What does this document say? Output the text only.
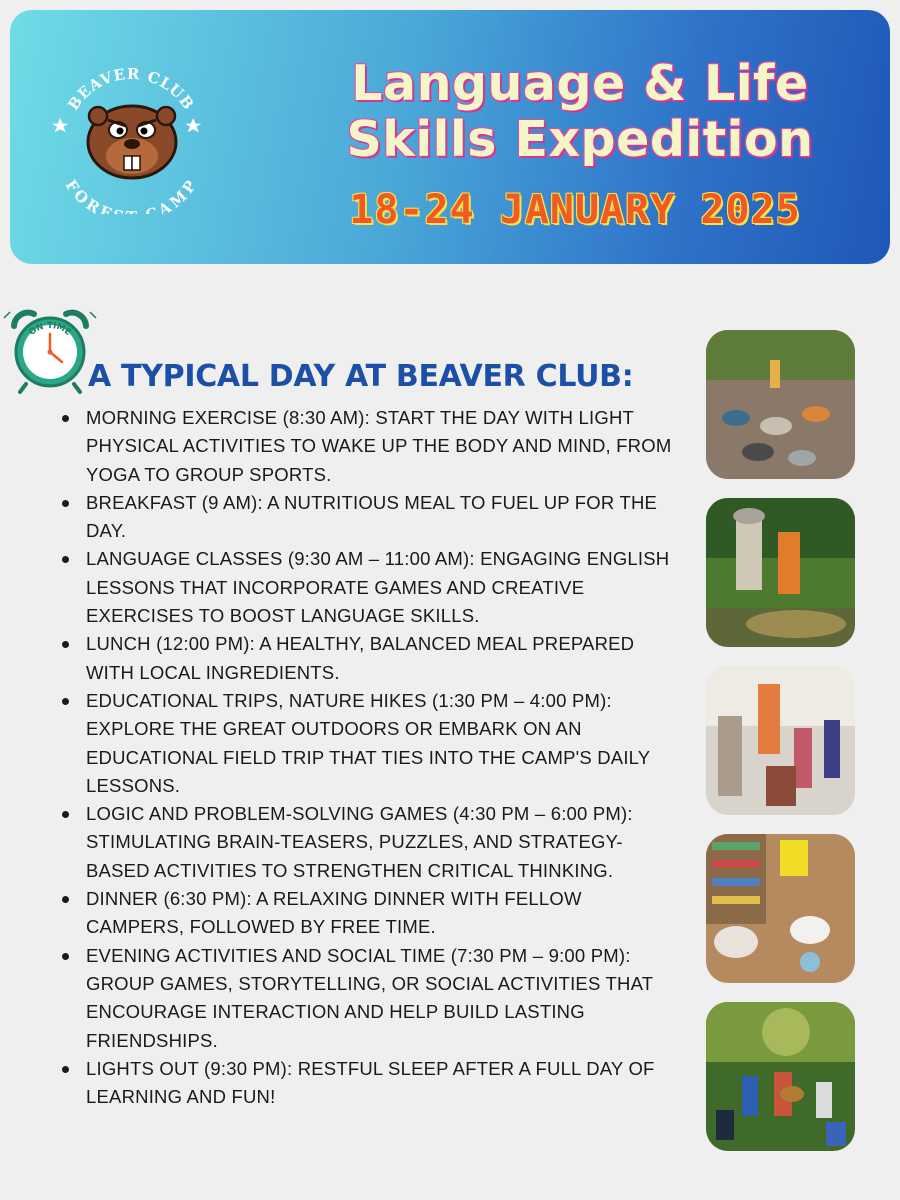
BEAVER CLUB
FORE CAMP
Language & Life
Skills Expedition
18-24 JANUARY 2025
ON TIME
A TYPICAL DAY AT BEAVER CLUB:
MORNING EXERCISE (8:30 AM): START THE DAY WITH LIGHT PHYSICAL ACTIVITIES TO WAKE UP THE BODY AND MIND, FROM YOGA TO GROUP SPORTS.
BREAKFAST (9 AM): A NUTRITIOUS MEAL TO FUEL UP FOR THE DAY.
LANGUAGE CLASSES (9:30 AM – 11:00 AM): ENGAGING ENGLISH LESSONS THAT INCORPORATE GAMES AND CREATIVE EXERCISES TO BOOST LANGUAGE SKILLS.
LUNCH (12:00 PM): A HEALTHY, BALANCED MEAL PREPARED WITH LOCAL INGREDIENTS.
EDUCATIONAL TRIPS, NATURE HIKES (1:30 PM – 4:00 PM): EXPLORE THE GREAT OUTDOORS OR EMBARK ON AN EDUCATIONAL FIELD TRIP THAT TIES INTO THE CAMP'S DAILY LESSONS.
LOGIC AND PROBLEM-SOLVING GAMES (4:30 PM – 6:00 PM): STIMULATING BRAIN-TEASERS, PUZZLES, AND STRATEGY-BASED ACTIVITIES TO STRENGTHEN CRITICAL THINKING.
DINNER (6:30 PM): A RELAXING DINNER WITH FELLOW CAMPERS, FOLLOWED BY FREE TIME.
EVENING ACTIVITIES AND SOCIAL TIME (7:30 PM – 9:00 PM): GROUP GAMES, STORYTELLING, OR SOCIAL ACTIVITIES THAT ENCOURAGE INTERACTION AND HELP BUILD LASTING FRIENDSHIPS.
LIGHTS OUT (9:30 PM): RESTFUL SLEEP AFTER A FULL DAY OF LEARNING AND FUN!
